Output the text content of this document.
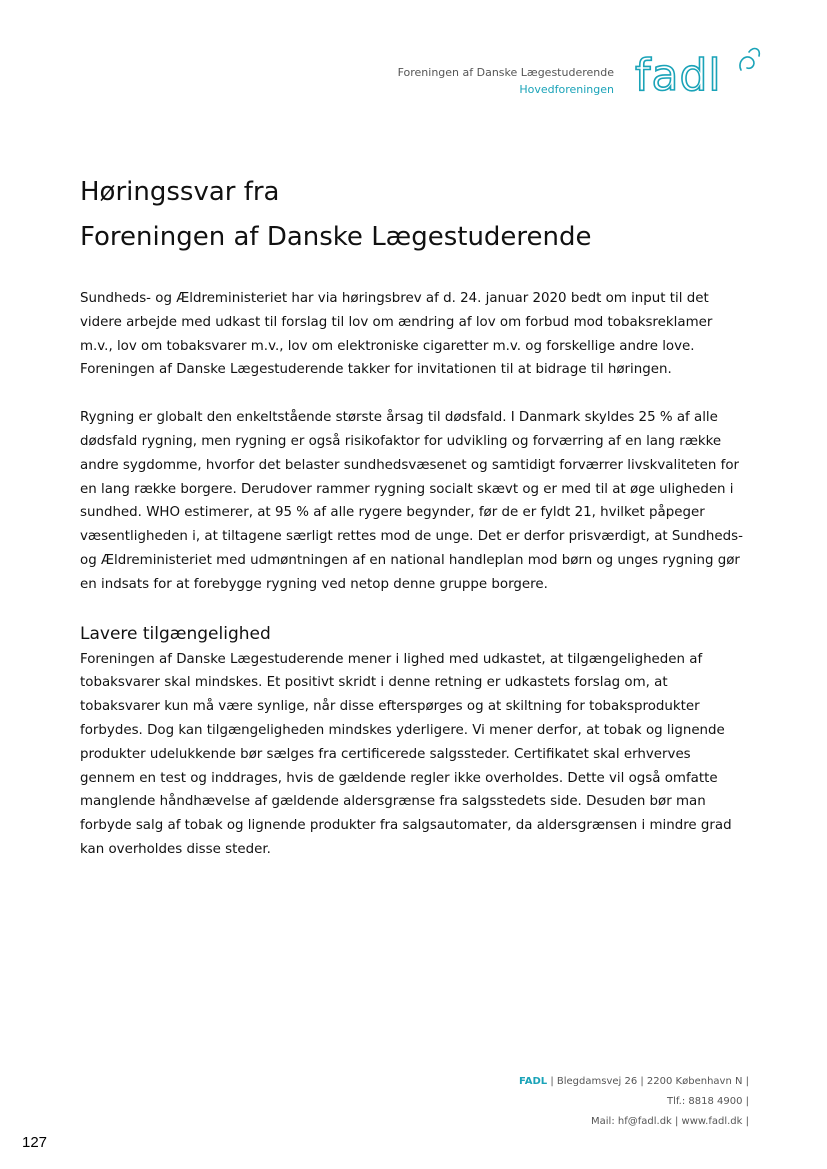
Foreningen af Danske Lægestuderende
Hovedforeningen fadl
Høringssvar fra
Foreningen af Danske Lægestuderende

Sundheds- og Ældreministeriet har via høringsbrev af d. 24. januar 2020 bedt om input til det videre arbejde med udkast til forslag til lov om ændring af lov om forbud mod tobaksreklamer m.v., lov om tobaksvarer m.v., lov om elektroniske cigaretter m.v. og forskellige andre love. Foreningen af Danske Lægestuderende takker for invitationen til at bidrage til høringen.

Rygning er globalt den enkeltstående største årsag til dødsfald. I Danmark skyldes 25 % af alle dødsfald rygning, men rygning er også risikofaktor for udvikling og forværring af en lang række andre sygdomme, hvorfor det belaster sundhedsvæsenet og samtidigt forværrer livskvaliteten for en lang række borgere. Derudover rammer rygning socialt skævt og er med til at øge uligheden i sundhed. WHO estimerer, at 95 % af alle rygere begynder, før de er fyldt 21, hvilket påpeger væsentligheden i, at tiltagene særligt rettes mod de unge. Det er derfor prisværdigt, at Sundheds- og Ældreministeriet med udmøntningen af en national handleplan mod børn og unges rygning gør en indsats for at forebygge rygning ved netop denne gruppe borgere.

Lavere tilgængelighed

Foreningen af Danske Lægestuderende mener i lighed med udkastet, at tilgængeligheden af tobaksvarer skal mindskes. Et positivt skridt i denne retning er udkastets forslag om, at tobaksvarer kun må være synlige, når disse efterspørges og at skiltning for tobaksprodukter forbydes. Dog kan tilgængeligheden mindskes yderligere. Vi mener derfor, at tobak og lignende produkter udelukkende bør sælges fra certificerede salgssteder. Certifikatet skal erhverves gennem en test og inddrages, hvis de gældende regler ikke overholdes. Dette vil også omfatte manglende håndhævelse af gældende aldersgrænse fra salgsstedets side. Desuden bør man forbyde salg af tobak og lignende produkter fra salgsautomater, da aldersgrænsen i mindre grad kan overholdes disse steder.

FADL | Blegdamsvej 26 | 2200 København N |
Tlf.: 8818 4900 |
Mail: hf@fadl.dk | www.fadl.dk |
127
